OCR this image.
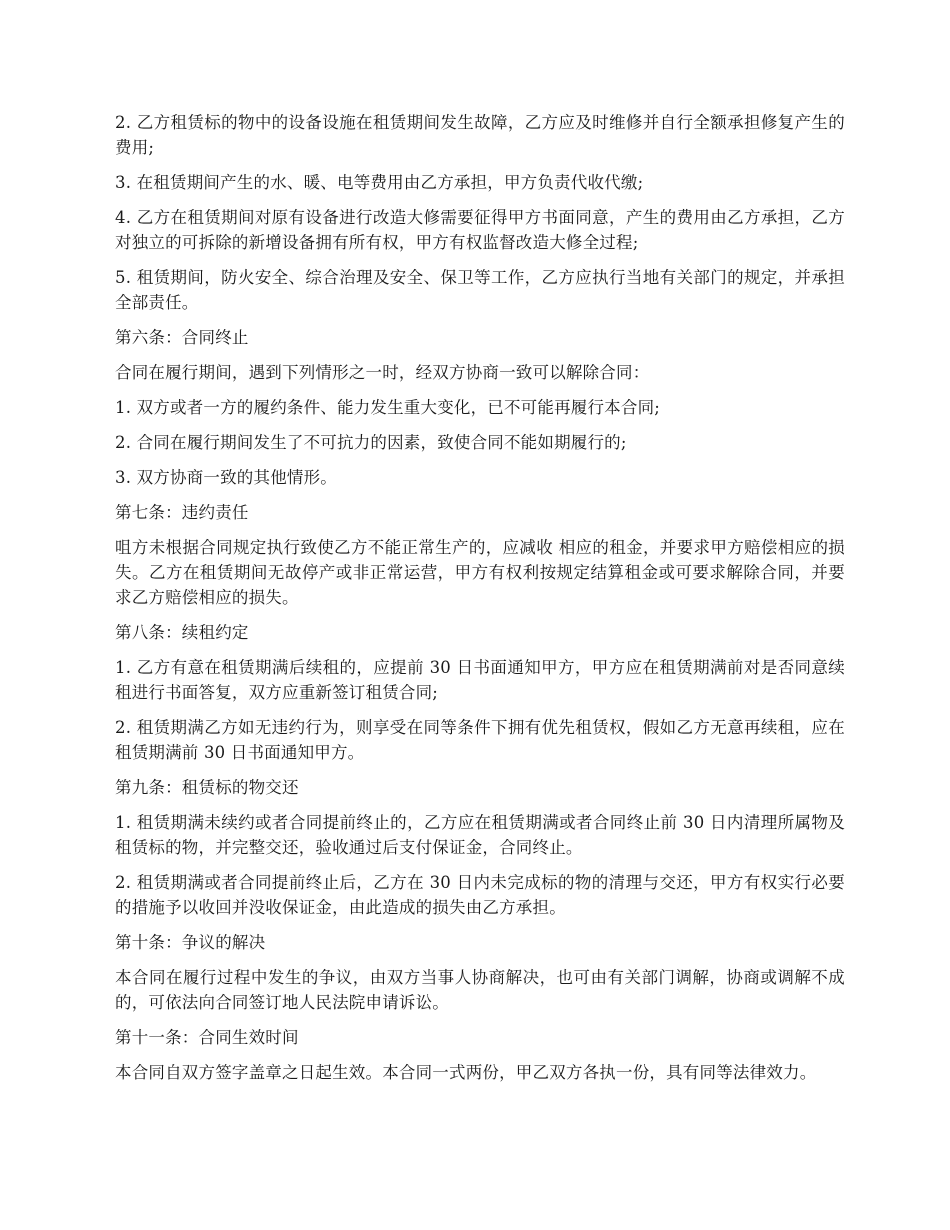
2. 乙方租赁标的物中的设备设施在租赁期间发生故障，乙方应及时维修并自行全额承担修复产生的费用;

3. 在租赁期间产生的水、暖、电等费用由乙方承担，甲方负责代收代缴;

4. 乙方在租赁期间对原有设备进行改造大修需要征得甲方书面同意，产生的费用由乙方承担，乙方对独立的可拆除的新增设备拥有所有权，甲方有权监督改造大修全过程;

5. 租赁期间，防火安全、综合治理及安全、保卫等工作，乙方应执行当地有关部门的规定，并承担全部责任。

第六条：合同终止

合同在履行期间，遇到下列情形之一时，经双方协商一致可以解除合同：

1. 双方或者一方的履约条件、能力发生重大变化，已不可能再履行本合同;

2. 合同在履行期间发生了不可抗力的因素，致使合同不能如期履行的;

3. 双方协商一致的其他情形。

第七条：违约责任

咀方未根据合同规定执行致使乙方不能正常生产的，应减收 相应的租金，并要求甲方赔偿相应的损失。乙方在租赁期间无故停产或非正常运营，甲方有权利按规定结算租金或可要求解除合同，并要求乙方赔偿相应的损失。

第八条：续租约定

1. 乙方有意在租赁期满后续租的，应提前 30 日书面通知甲方，甲方应在租赁期满前对是否同意续租进行书面答复，双方应重新签订租赁合同;

2. 租赁期满乙方如无违约行为，则享受在同等条件下拥有优先租赁权，假如乙方无意再续租，应在租赁期满前 30 日书面通知甲方。

第九条：租赁标的物交还

1. 租赁期满未续约或者合同提前终止的，乙方应在租赁期满或者合同终止前 30 日内清理所属物及租赁标的物，并完整交还，验收通过后支付保证金，合同终止。

2. 租赁期满或者合同提前终止后，乙方在 30 日内未完成标的物的清理与交还，甲方有权实行必要的措施予以收回并没收保证金，由此造成的损失由乙方承担。

第十条：争议的解决

本合同在履行过程中发生的争议，由双方当事人协商解决，也可由有关部门调解，协商或调解不成的，可依法向合同签订地人民法院申请诉讼。

第十一条：合同生效时间

本合同自双方签字盖章之日起生效。本合同一式两份，甲乙双方各执一份，具有同等法律效力。
